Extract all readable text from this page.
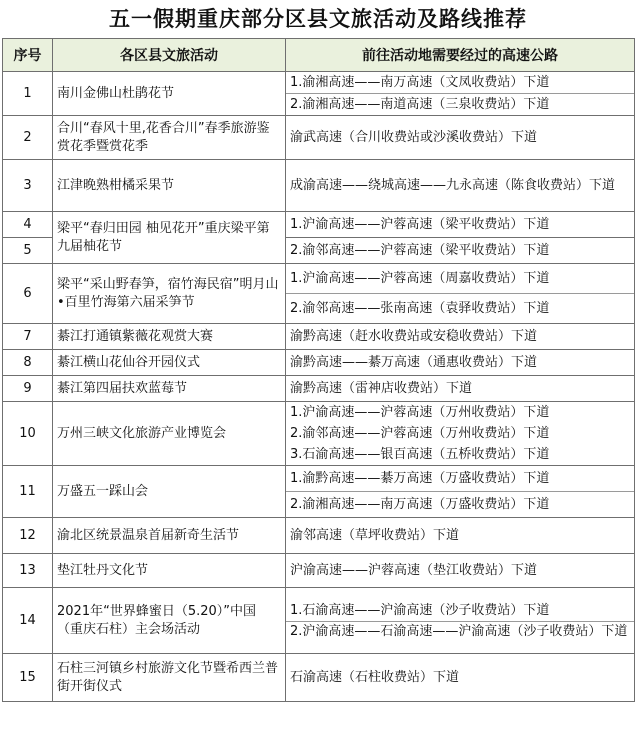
五一假期重庆部分区县文旅活动及路线推荐
序号	各区县文旅活动	前往活动地需要经过的高速公路
1	南川金佛山杜鹃花节	1.渝湘高速——南万高速（文凤收费站）下道
2.渝湘高速——南道高速（三泉收费站）下道

2	合川“春风十里,花香合川”春季旅游鉴赏花季暨赏花季	渝武高速（合川收费站或沙溪收费站）下道

3	江津晚熟柑橘采果节	成渝高速——绕城高速——九永高速（陈食收费站）下道

4	梁平“春归田园 柚见花开”重庆梁平第九届柚花节	1.沪渝高速——沪蓉高速（梁平收费站）下道

5		2.渝邻高速——沪蓉高速（梁平收费站）下道

6	梁平“采山野春笋，宿竹海民宿”明月山•百里竹海第六届采笋节	1.沪渝高速——沪蓉高速（周嘉收费站）下道
2.渝邻高速——张南高速（袁驿收费站）下道

7	綦江打通镇紫薇花观赏大赛	渝黔高速（赶水收费站或安稳收费站）下道

8	綦江横山花仙谷开园仪式	渝黔高速——綦万高速（通惠收费站）下道

9	綦江第四届扶欢蓝莓节	渝黔高速（雷神店收费站）下道

10	万州三峡文化旅游产业博览会	1.沪渝高速——沪蓉高速（万州收费站）下道
2.渝邻高速——沪蓉高速（万州收费站）下道
3.石渝高速——银百高速（五桥收费站）下道

11	万盛五一踩山会	1.渝黔高速——綦万高速（万盛收费站）下道
2.渝湘高速——南万高速（万盛收费站）下道

12	渝北区统景温泉首届新奇生活节	渝邻高速（草坪收费站）下道

13	垫江牡丹文化节	沪渝高速——沪蓉高速（垫江收费站）下道

14	2021年“世界蜂蜜日（5.20）”中国（重庆石柱）主会场活动	1.石渝高速——沪渝高速（沙子收费站）下道
2.沪渝高速——石渝高速——沪渝高速（沙子收费站）下道

15	石柱三河镇乡村旅游文化节暨希西兰普街开街仪式	石渝高速（石柱收费站）下道
